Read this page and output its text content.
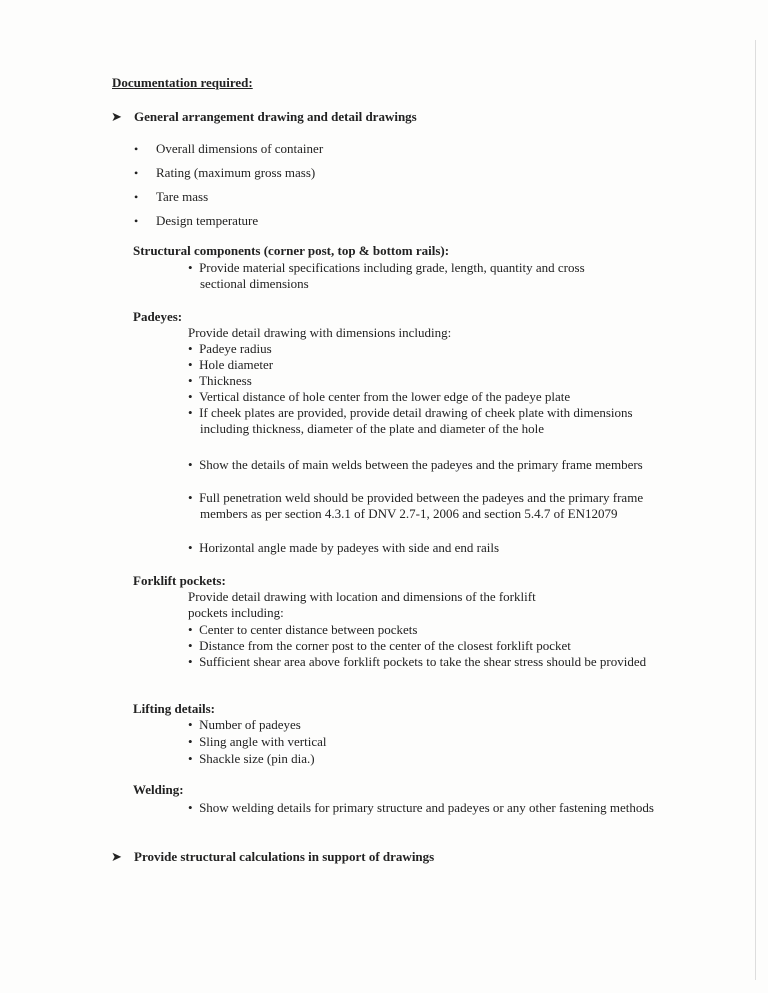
Documentation required:
➤ General arrangement drawing and detail drawings
• Overall dimensions of container
• Rating (maximum gross mass)
• Tare mass
• Design temperature
Structural components (corner post, top & bottom rails):
•  Provide material specifications including grade, length, quantity and cross sectional dimensions
Padeyes:
Provide detail drawing with dimensions including:
•  Padeye radius
•  Hole diameter
•  Thickness
•  Vertical distance of hole center from the lower edge of the padeye plate
•  If cheek plates are provided, provide detail drawing of cheek plate with dimensions including thickness, diameter of the plate and diameter of the hole
•  Show the details of main welds between the padeyes and the primary frame members
•  Full penetration weld should be provided between the padeyes and the primary frame members as per section 4.3.1 of DNV 2.7-1, 2006 and section 5.4.7 of EN12079
•  Horizontal angle made by padeyes with side and end rails
Forklift pockets:
Provide detail drawing with location and dimensions of the forklift pockets including:
•  Center to center distance between pockets
•  Distance from the corner post to the center of the closest forklift pocket
•  Sufficient shear area above forklift pockets to take the shear stress should be provided
Lifting details:
•  Number of padeyes
•  Sling angle with vertical
•  Shackle size (pin dia.)
Welding:
•  Show welding details for primary structure and padeyes or any other fastening methods
➤ Provide structural calculations in support of drawings
